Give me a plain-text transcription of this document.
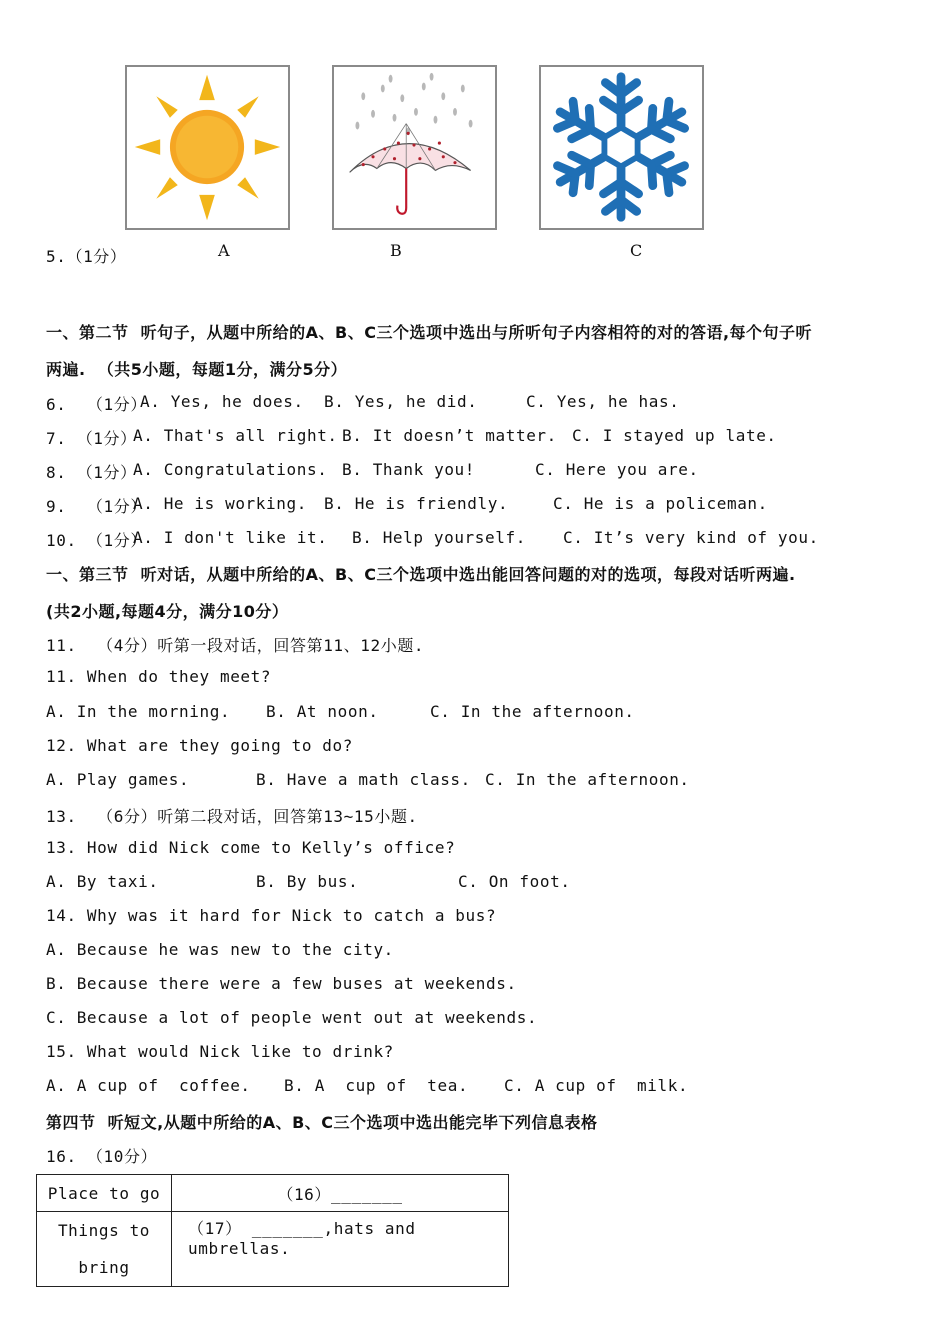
A	B	C
5.（1分）
一、第二节  听句子，从题中所给的A、B、C三个选项中选出与所听句子内容相符的对的答语,每个句子听
两遍.  （共5小题，每题1分，满分5分）
6.  （1分）
A. Yes, he does. B. Yes, he did.	C. Yes, he has.
7. （1分）
A. That's all right. B. It doesn’t matter. C. I stayed up late.
8. （1分）
A. Congratulations. B. Thank you!	C. Here you are.
9.  （1分）
A. He is working. B. He is friendly.	C. He is a policeman.
10. （1分）
A. I don't like it. B. Help yourself. C. It’s very kind of you.
一、第三节  听对话，从题中所给的A、B、C三个选项中选出能回答问题的对的选项，每段对话听两遍.
(共2小题,每题4分，满分10分）
11.  （4分）听第一段对话，回答第11、12小题.
11. When do they meet?
A. In the morning. B. At noon.	C. In the afternoon.
12. What are they going to do?
A. Play games.	B. Have a math class. C. In the afternoon.
13.  （6分）听第二段对话，回答第13~15小题.
13. How did Nick come to Kelly’s office?
A. By taxi.	B. By bus.	C. On foot.
14. Why was it hard for Nick to catch a bus?
A. Because he was new to the city.
B. Because there were a few buses at weekends.
C. Because a lot of people went out at weekends.
15. What would Nick like to drink?
A. A cup of  coffee. B. A  cup of  tea. C. A cup of  milk.
第四节  听短文,从题中所给的A、B、C三个选项中选出能完毕下列信息表格
16. （10分）
Place to go	（16）_______

Things to
bring	（17） _______,hats and umbrellas.
